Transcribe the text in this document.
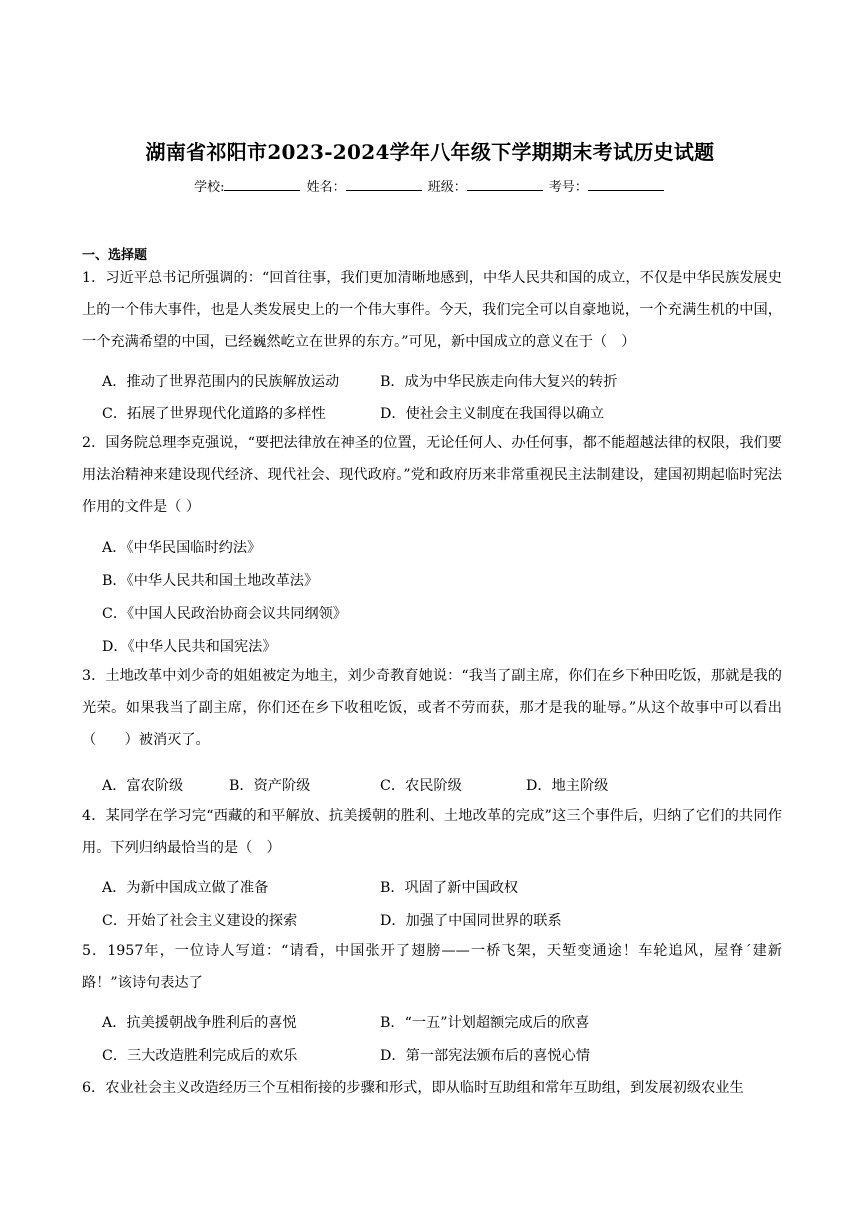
湖南省祁阳市2023-2024学年八年级下学期期末考试历史试题
学校:	姓名：	班级：	考号：
一、选择题
1．习近平总书记所强调的：“回首往事，我们更加清晰地感到，中华人民共和国的成立，不仅是中华民族发展史上的一个伟大事件，也是人类发展史上的一个伟大事件。今天，我们完全可以自豪地说，一个充满生机的中国，一个充满希望的中国，已经巍然屹立在世界的东方。”可见，新中国成立的意义在于（　）
A．推动了世界范围内的民族解放运动	B．成为中华民族走向伟大复兴的转折
C．拓展了世界现代化道路的多样性	D．使社会主义制度在我国得以确立
2．国务院总理李克强说，“要把法律放在神圣的位置，无论任何人、办任何事，都不能超越法律的权限，我们要用法治精神来建设现代经济、现代社会、现代政府。”党和政府历来非常重视民主法制建设，建国初期起临时宪法作用的文件是（ ）
A．《中华民国临时约法》
B．《中华人民共和国土地改革法》
C．《中国人民政治协商会议共同纲领》
D．《中华人民共和国宪法》
3．土地改革中刘少奇的姐姐被定为地主，刘少奇教育她说：“我当了副主席，你们在乡下种田吃饭，那就是我的光荣。如果我当了副主席，你们还在乡下收租吃饭，或者不劳而获，那才是我的耻辱。”从这个故事中可以看出（　　）被消灭了。
A．富农阶级	B．资产阶级	C．农民阶级	D．地主阶级
4．某同学在学习完“西藏的和平解放、抗美援朝的胜利、土地改革的完成”这三个事件后，归纳了它们的共同作用。下列归纳最恰当的是（　）
A．为新中国成立做了准备	B．巩固了新中国政权
C．开始了社会主义建设的探索	D．加强了中国同世界的联系
5．1957年，一位诗人写道：“请看，中国张开了翅膀——一桥飞架，天堑变通途！车轮追风，屋脊´建新路！”该诗句表达了
A．抗美援朝战争胜利后的喜悦	B．“一五”计划超额完成后的欣喜
C．三大改造胜利完成后的欢乐	D．第一部宪法颁布后的喜悦心情
6．农业社会主义改造经历三个互相衔接的步骤和形式，即从临时互助组和常年互助组，到发展初级农业生
